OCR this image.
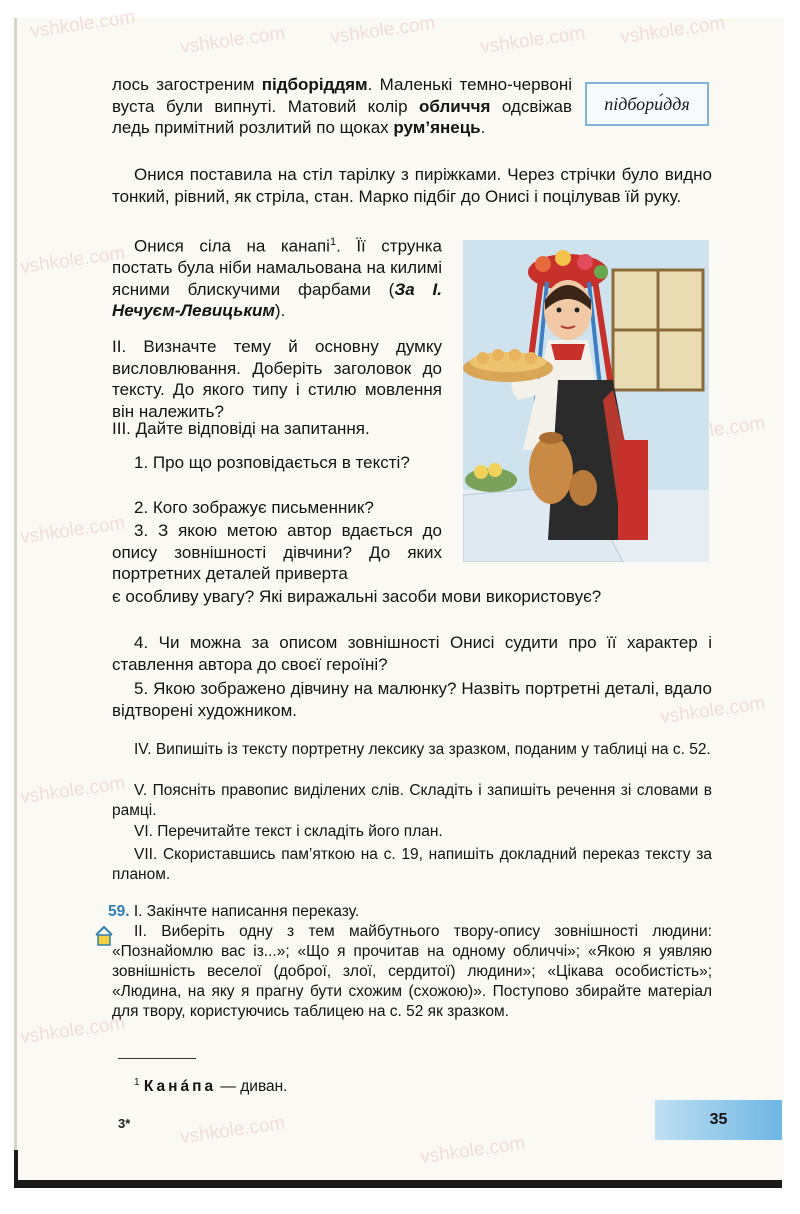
лось загостреним підборіддям. Маленькі темно-червоні вуста були випнуті. Матовий колір обличчя одсвіжав ледь примітний розлитий по щоках рум’янець.

підбори́ддя

Онися поставила на стіл тарілку з пиріжками. Через стрічки було видно тонкий, рівний, як стріла, стан. Марко підбіг до Онисі і поцілував їй руку.

Онися сіла на канапі$^1$. Її струнка постать була ніби намальована на килимі ясними блискучими фарбами (За І. Нечуєм-Левицьким).

ІІ. Визначте тему й основну думку висловлювання. Доберіть заголовок до тексту. До якого типу і стилю мовлення він належить?

ІІІ. Дайте відповіді на запитання.

1. Про що розповідається в тексті?

2. Кого зображує письменник?

3. З якою метою автор вдається до опису зовнішності дівчини? До яких портретних деталей приверта

є особливу увагу? Які виражальні засоби мови використовує?

4. Чи можна за описом зовнішності Онисі судити про її характер і ставлення автора до своєї героїні?

5. Якою зображено дівчину на малюнку? Назвіть портретні деталі, вдало відтворені художником.

IV. Випишіть із тексту портретну лексику за зразком, поданим у таблиці на с. 52.

V. Поясніть правопис виділених слів. Складіть і запишіть речення зі словами в рамці.

VI. Перечитайте текст і складіть його план.

VII. Скориставшись пам’яткою на с. 19, напишіть докладний переказ тексту за планом.

59. І. Закінчте написання переказу.

ІІ. Виберіть одну з тем майбутнього твору-опису зовнішності людини: «Познайомлю вас із...»; «Що я прочитав на одному обличчі»; «Якою я уявляю зовнішність веселої (доброї, злої, сердитої) людини»; «Цікава особистість»; «Людина, на яку я прагну бути схожим (схожою)». Поступово збирайте матеріал для твору, користуючись таблицею на с. 52 як зразком.

$^1$ Канáпа — диван.

3*	35
